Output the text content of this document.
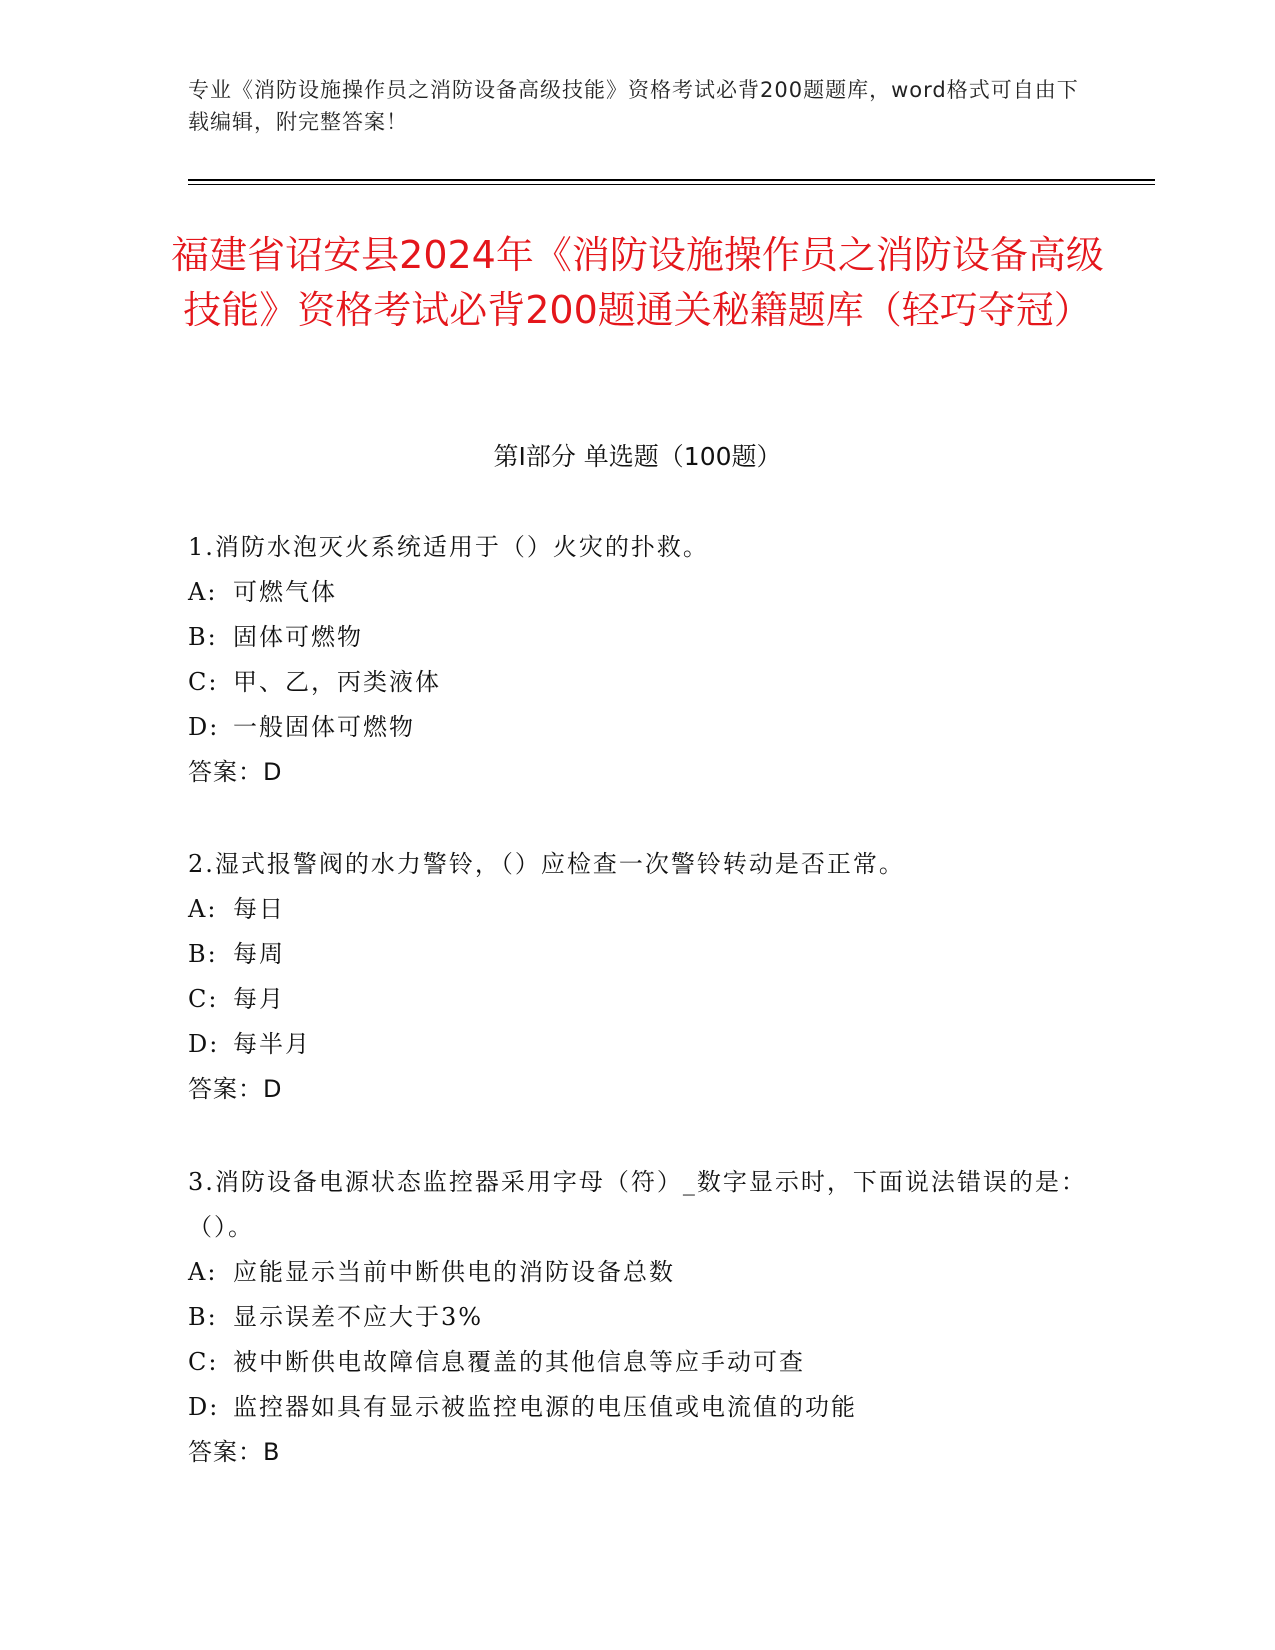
专业《消防设施操作员之消防设备高级技能》资格考试必背200题题库，word格式可自由下载编辑，附完整答案！
福建省诏安县2024年《消防设施操作员之消防设备高级技能》资格考试必背200题通关秘籍题库（轻巧夺冠）
第Ⅰ部分 单选题（100题）

1.消防水泡灭火系统适用于（）火灾的扑救。

A: 可燃气体

B: 固体可燃物

C: 甲、乙，丙类液体

D: 一般固体可燃物

答案：D

2.湿式报警阀的水力警铃，（）应检查一次警铃转动是否正常。

A: 每日

B: 每周

C: 每月

D: 每半月

答案：D

3.消防设备电源状态监控器采用字母（符）_数字显示时，下面说法错误的是：（）。

A: 应能显示当前中断供电的消防设备总数

B: 显示误差不应大于3%

C: 被中断供电故障信息覆盖的其他信息等应手动可查

D: 监控器如具有显示被监控电源的电压值或电流值的功能

答案：B
